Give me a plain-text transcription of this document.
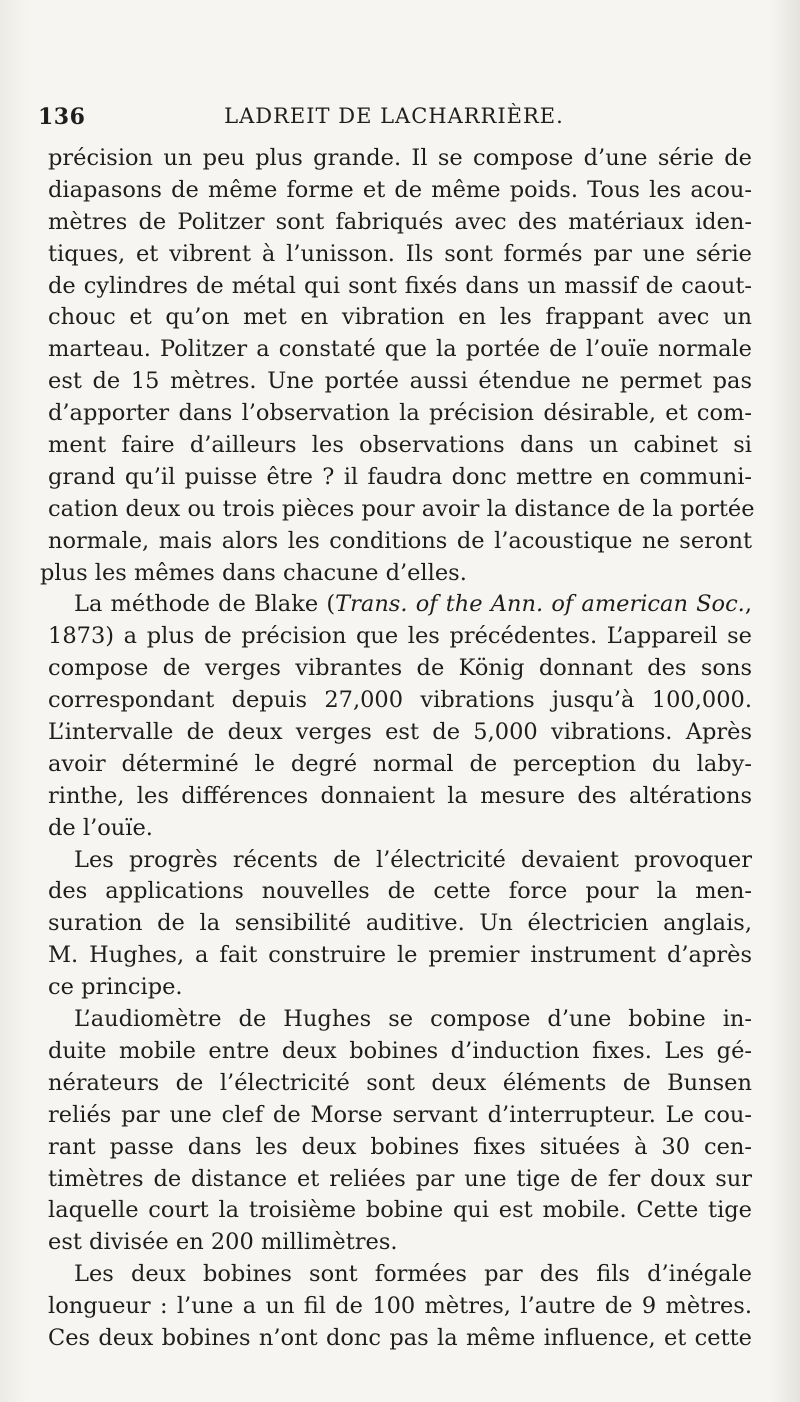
136	LADREIT DE LACHARRIÈRE.
précision un peu plus grande. Il se compose d’une série de
diapasons de même forme et de même poids. Tous les acou-
mètres de Politzer sont fabriqués avec des matériaux iden-
tiques, et vibrent à l’unisson. Ils sont formés par une série
de cylindres de métal qui sont fixés dans un massif de caout-
chouc et qu’on met en vibration en les frappant avec un
marteau. Politzer a constaté que la portée de l’ouïe normale
est de 15 mètres. Une portée aussi étendue ne permet pas
d’apporter dans l’observation la précision désirable, et com-
ment faire d’ailleurs les observations dans un cabinet si
grand qu’il puisse être ? il faudra donc mettre en communi-
cation deux ou trois pièces pour avoir la distance de la portée
normale, mais alors les conditions de l’acoustique ne seront
plus les mêmes dans chacune d’elles.
La méthode de Blake (Trans. of the Ann. of american Soc.,
1873) a plus de précision que les précédentes. L’appareil se
compose de verges vibrantes de König donnant des sons
correspondant depuis 27,000 vibrations jusqu’à 100,000.
L’intervalle de deux verges est de 5,000 vibrations. Après
avoir déterminé le degré normal de perception du laby-
rinthe, les différences donnaient la mesure des altérations
de l’ouïe.
Les progrès récents de l’électricité devaient provoquer
des applications nouvelles de cette force pour la men-
suration de la sensibilité auditive. Un électricien anglais,
M. Hughes, a fait construire le premier instrument d’après
ce principe.
L’audiomètre de Hughes se compose d’une bobine in-
duite mobile entre deux bobines d’induction fixes. Les gé-
nérateurs de l’électricité sont deux éléments de Bunsen
reliés par une clef de Morse servant d’interrupteur. Le cou-
rant passe dans les deux bobines fixes situées à 30 cen-
timètres de distance et reliées par une tige de fer doux sur
laquelle court la troisième bobine qui est mobile. Cette tige
est divisée en 200 millimètres.
Les deux bobines sont formées par des fils d’inégale
longueur : l’une a un fil de 100 mètres, l’autre de 9 mètres.
Ces deux bobines n’ont donc pas la même influence, et cette
